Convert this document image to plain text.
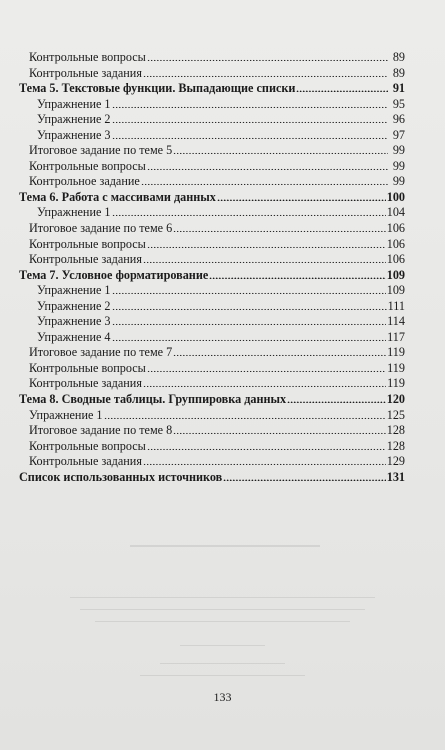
Контрольные вопросы	89
Контрольные задания	89
Тема 5. Текстовые функции. Выпадающие списки	91
Упражнение 1	95
Упражнение 2	96
Упражнение 3	97
Итоговое задание по теме 5	99
Контрольные вопросы	99
Контрольное задание	99
Тема 6. Работа с массивами данных	100
Упражнение 1	104
Итоговое задание по теме 6	106
Контрольные вопросы	106
Контрольные задания	106
Тема 7. Условное форматирование	109
Упражнение 1	109
Упражнение 2	111
Упражнение 3	114
Упражнение 4	117
Итоговое задание по теме 7	119
Контрольные вопросы	119
Контрольные задания	119
Тема 8. Сводные таблицы. Группировка данных	120
Упражнение 1	125
Итоговое задание по теме 8	128
Контрольные вопросы	128
Контрольные задания	129
Список использованных источников	131
133
